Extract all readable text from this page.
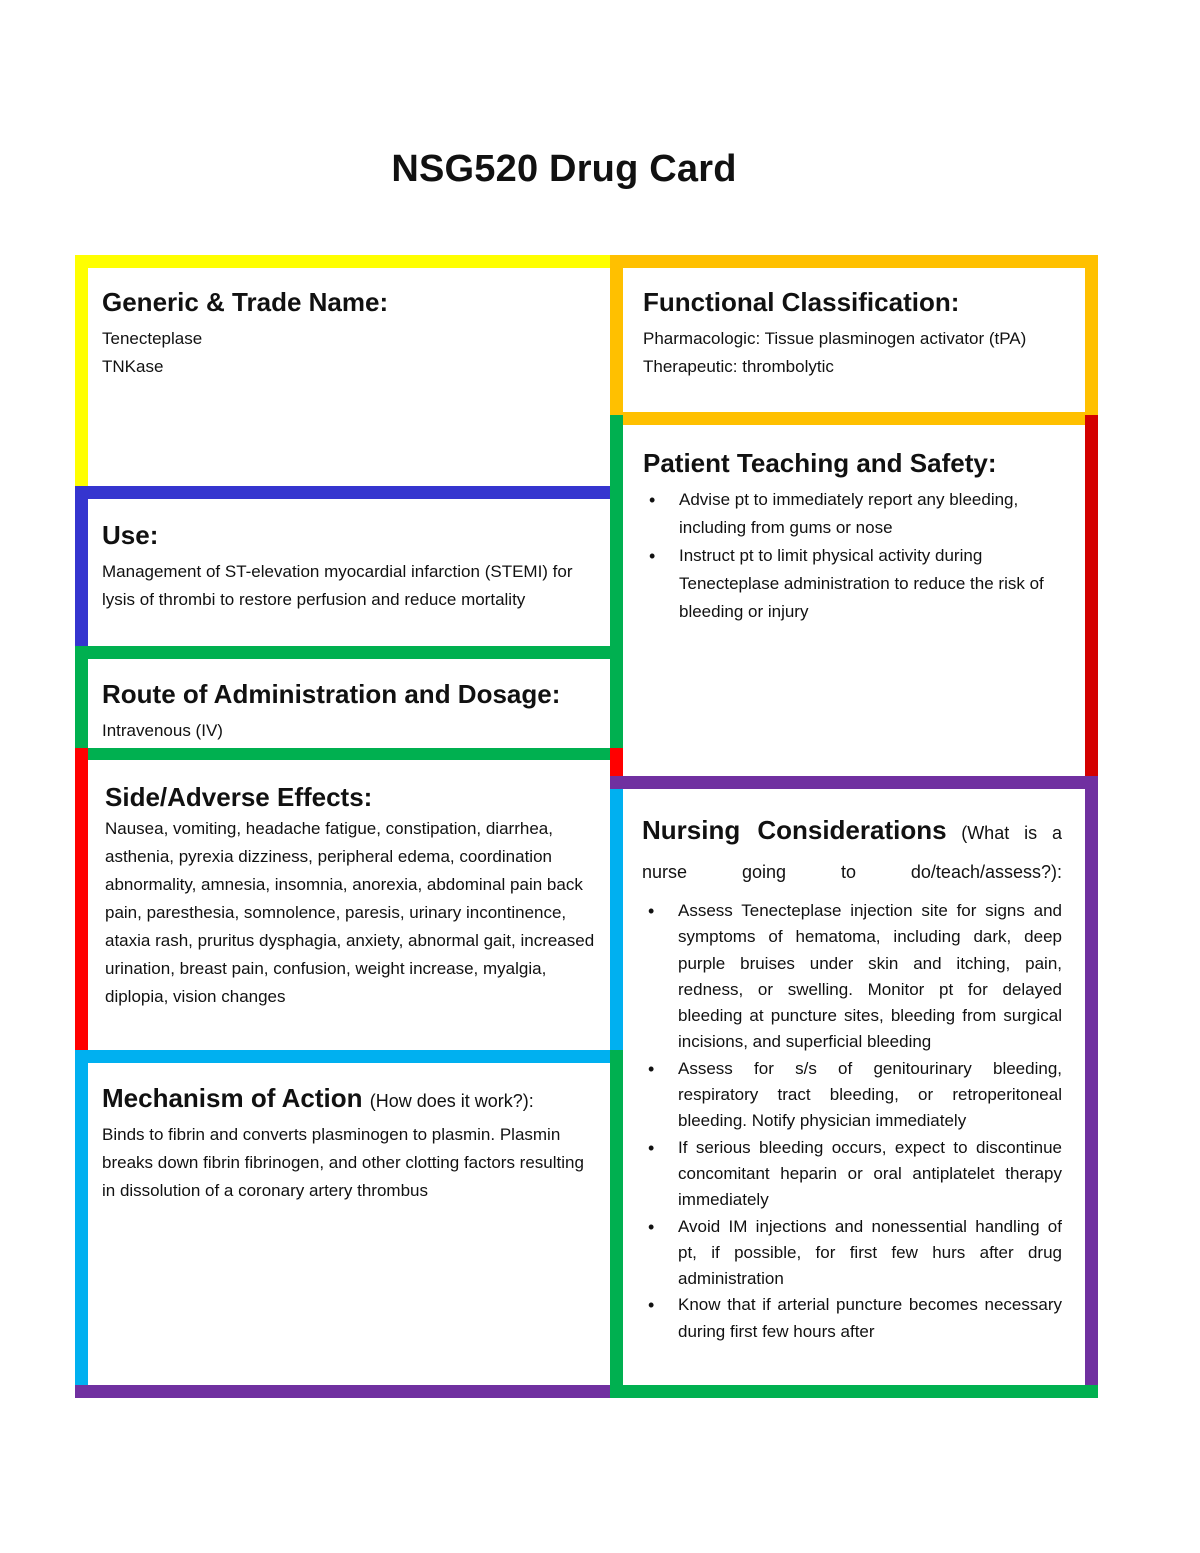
NSG520 Drug Card
Generic & Trade Name:

Tenecteplase

TNKase

Functional Classification:

Pharmacologic: Tissue plasminogen activator (tPA)

Therapeutic: thrombolytic

Use:

Management of ST-elevation myocardial infarction (STEMI) for lysis of thrombi to restore perfusion and reduce mortality

Patient Teaching and Safety:
• Advise pt to immediately report any bleeding, including from gums or nose
• Instruct pt to limit physical activity during Tenecteplase administration to reduce the risk of bleeding or injury
Route of Administration and Dosage:

Intravenous (IV)

Side/Adverse Effects:

Nausea, vomiting, headache fatigue, constipation, diarrhea, asthenia, pyrexia dizziness, peripheral edema, coordination abnormality, amnesia, insomnia, anorexia, abdominal pain back pain, paresthesia, somnolence, paresis, urinary incontinence, ataxia rash, pruritus dysphagia, anxiety, abnormal gait, increased urination, breast pain, confusion, weight increase, myalgia, diplopia, vision changes

Mechanism of Action (How does it work?):

Binds to fibrin and converts plasminogen to plasmin. Plasmin breaks down fibrin fibrinogen, and other clotting factors resulting in dissolution of a coronary artery thrombus

Nursing Considerations (What is a nurse going to do/teach/assess?):

• Assess Tenecteplase injection site for signs and symptoms of hematoma, including dark, deep purple bruises under skin and itching, pain, redness, or swelling. Monitor pt for delayed bleeding at puncture sites, bleeding from surgical incisions, and superficial bleeding
• Assess for s/s of genitourinary bleeding, respiratory tract bleeding, or retroperitoneal bleeding. Notify physician immediately
• If serious bleeding occurs, expect to discontinue concomitant heparin or oral antiplatelet therapy immediately
• Avoid IM injections and nonessential handling of pt, if possible, for first few hurs after drug administration
• Know that if arterial puncture becomes necessary during first few hours after
